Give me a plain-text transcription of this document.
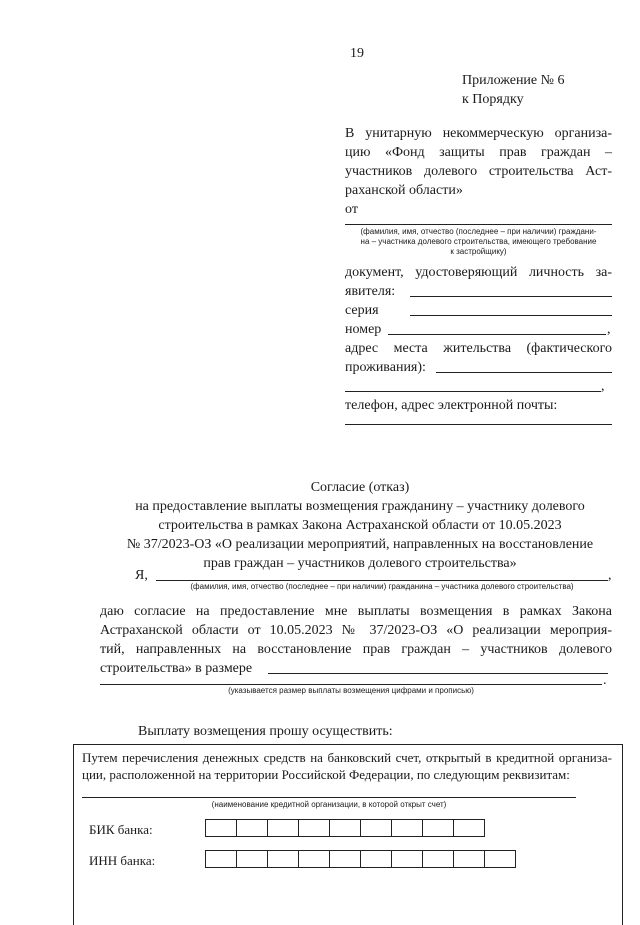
19
Приложение № 6
к Порядку
В унитарную некоммерческую организа-
цию «Фонд защиты прав граждан –
участников долевого строительства Аст-
раханской области»
от
(фамилия, имя, отчество (последнее – при наличии) граждани-
на – участника долевого строительства, имеющего требование
к застройщику)
документ, удостоверяющий личность за-
явителя:
серия
номер	,
адрес места жительства (фактического
проживания):
,
телефон, адрес электронной почты:
Согласие (отказ)
на предоставление выплаты возмещения гражданину – участнику долевого
строительства в рамках Закона Астраханской области от 10.05.2023
№ 37/2023-ОЗ «О реализации мероприятий, направленных на восстановление
прав граждан – участников долевого строительства»
Я,	,
(фамилия, имя, отчество (последнее – при наличии) гражданина – участника долевого строительства)
даю согласие на предоставление мне выплаты возмещения в рамках Закона
Астраханской области от 10.05.2023 № 37/2023-ОЗ «О реализации мероприя-
тий, направленных на восстановление прав граждан – участников долевого
строительства» в размере
.
(указывается размер выплаты возмещения цифрами и прописью)
Выплату возмещения прошу осуществить:
Путем перечисления денежных средств на банковский счет, открытый в кредитной организа-
ции, расположенной на территории Российской Федерации, по следующим реквизитам:
(наименование кредитной организации, в которой открыт счет)
БИК банка:
ИНН банка:
